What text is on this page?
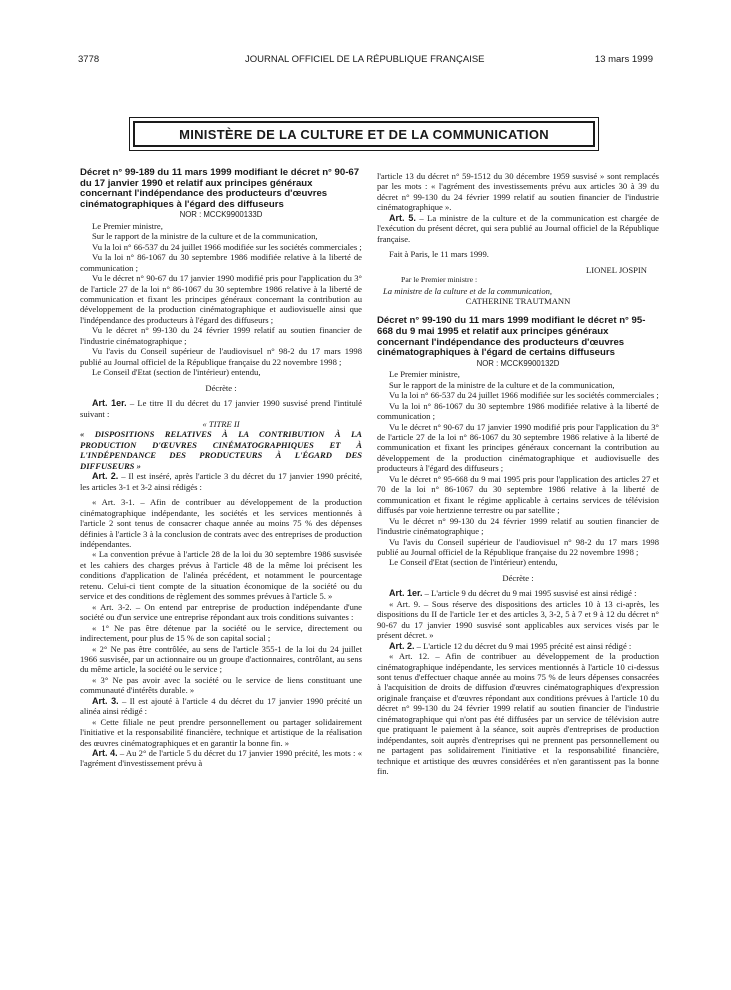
3778	JOURNAL OFFICIEL DE LA RÉPUBLIQUE FRANÇAISE	13 mars 1999
MINISTÈRE DE LA CULTURE ET DE LA COMMUNICATION

Décret n° 99-189 du 11 mars 1999 modifiant le décret n° 90-67 du 17 janvier 1990 et relatif aux principes généraux concernant l'indépendance des producteurs d'œuvres cinématographiques à l'égard des diffuseurs

NOR : MCCK9900133D

Le Premier ministre,

Sur le rapport de la ministre de la culture et de la communication,

Vu la loi n° 66-537 du 24 juillet 1966 modifiée sur les sociétés commerciales ;

Vu la loi n° 86-1067 du 30 septembre 1986 modifiée relative à la liberté de communication ;

Vu le décret n° 90-67 du 17 janvier 1990 modifié pris pour l'application du 3° de l'article 27 de la loi n° 86-1067 du 30 septembre 1986 relative à la liberté de communication et fixant les principes généraux concernant la contribution au développement de la production cinématographique et audiovisuelle ainsi que l'indépendance des producteurs à l'égard des diffuseurs ;

Vu le décret n° 99-130 du 24 février 1999 relatif au soutien financier de l'industrie cinématographique ;

Vu l'avis du Conseil supérieur de l'audiovisuel n° 98-2 du 17 mars 1998 publié au Journal officiel de la République française du 22 novembre 1998 ;

Le Conseil d'Etat (section de l'intérieur) entendu,

Décrète :

Art. 1er. – Le titre II du décret du 17 janvier 1990 susvisé prend l'intitulé suivant :

« TITRE II

« DISPOSITIONS RELATIVES À LA CONTRIBUTION À LA PRODUCTION D'ŒUVRES CINÉMATOGRAPHIQUES ET À L'INDÉPENDANCE DES PRODUCTEURS À L'ÉGARD DES DIFFUSEURS »

Art. 2. – Il est inséré, après l'article 3 du décret du 17 janvier 1990 précité, les articles 3-1 et 3-2 ainsi rédigés :

« Art. 3-1. – Afin de contribuer au développement de la production cinématographique indépendante, les sociétés et les services mentionnés à l'article 2 sont tenus de consacrer chaque année au moins 75 % des dépenses définies à l'article 3 à la conclusion de contrats avec des entreprises de production indépendantes.

« La convention prévue à l'article 28 de la loi du 30 septembre 1986 susvisée et les cahiers des charges prévus à l'article 48 de la même loi précisent les conditions d'application de l'alinéa précédent, et notamment le pourcentage retenu. Celui-ci tient compte de la situation économique de la société ou du service et des conditions de règlement des sommes prévues à l'article 5. »

« Art. 3-2. – On entend par entreprise de production indépendante d'une société ou d'un service une entreprise répondant aux trois conditions suivantes :

« 1° Ne pas être détenue par la société ou le service, directement ou indirectement, pour plus de 15 % de son capital social ;

« 2° Ne pas être contrôlée, au sens de l'article 355-1 de la loi du 24 juillet 1966 susvisée, par un actionnaire ou un groupe d'actionnaires, contrôlant, au sens du même article, la société ou le service ;

« 3° Ne pas avoir avec la société ou le service de liens constituant une communauté d'intérêts durable. »

Art. 3. – Il est ajouté à l'article 4 du décret du 17 janvier 1990 précité un alinéa ainsi rédigé :

« Cette filiale ne peut prendre personnellement ou partager solidairement l'initiative et la responsabilité financière, technique et artistique de la réalisation des œuvres cinématographiques et en garantir la bonne fin. »

Art. 4. – Au 2° de l'article 5 du décret du 17 janvier 1990 précité, les mots : « l'agrément d'investissement prévu à

l'article 13 du décret n° 59-1512 du 30 décembre 1959 susvisé » sont remplacés par les mots : « l'agrément des investissements prévu aux articles 30 à 39 du décret n° 99-130 du 24 février 1999 relatif au soutien financier de l'industrie cinématographique ».

Art. 5. – La ministre de la culture et de la communication est chargée de l'exécution du présent décret, qui sera publié au Journal officiel de la République française.

Fait à Paris, le 11 mars 1999.

LIONEL JOSPIN

Par le Premier ministre :

La ministre de la culture et de la communication,

CATHERINE TRAUTMANN

Décret n° 99-190 du 11 mars 1999 modifiant le décret n° 95-668 du 9 mai 1995 et relatif aux principes généraux concernant l'indépendance des producteurs d'œuvres cinématographiques à l'égard de certains diffuseurs

NOR : MCCK9900132D

Le Premier ministre,

Sur le rapport de la ministre de la culture et de la communication,

Vu la loi n° 66-537 du 24 juillet 1966 modifiée sur les sociétés commerciales ;

Vu la loi n° 86-1067 du 30 septembre 1986 modifiée relative à la liberté de communication ;

Vu le décret n° 90-67 du 17 janvier 1990 modifié pris pour l'application du 3° de l'article 27 de la loi n° 86-1067 du 30 septembre 1986 relative à la liberté de communication et fixant les principes généraux concernant la contribution au développement de la production cinématographique et audiovisuelle des producteurs à l'égard des diffuseurs ;

Vu le décret n° 95-668 du 9 mai 1995 pris pour l'application des articles 27 et 70 de la loi n° 86-1067 du 30 septembre 1986 relative à la liberté de communication et fixant le régime applicable à certains services de télévision diffusés par voie hertzienne terrestre ou par satellite ;

Vu le décret n° 99-130 du 24 février 1999 relatif au soutien financier de l'industrie cinématographique ;

Vu l'avis du Conseil supérieur de l'audiovisuel n° 98-2 du 17 mars 1998 publié au Journal officiel de la République française du 22 novembre 1998 ;

Le Conseil d'Etat (section de l'intérieur) entendu,

Décrète :

Art. 1er. – L'article 9 du décret du 9 mai 1995 susvisé est ainsi rédigé :

« Art. 9. – Sous réserve des dispositions des articles 10 à 13 ci-après, les dispositions du II de l'article 1er et des articles 3, 3-2, 5 à 7 et 9 à 12 du décret n° 90-67 du 17 janvier 1990 susvisé sont applicables aux services visés par le présent décret. »

Art. 2. – L'article 12 du décret du 9 mai 1995 précité est ainsi rédigé :

« Art. 12. – Afin de contribuer au développement de la production cinématographique indépendante, les services mentionnés à l'article 10 ci-dessus sont tenus d'effectuer chaque année au moins 75 % de leurs dépenses consacrées à l'acquisition de droits de diffusion d'œuvres cinématographiques d'expression originale française et d'œuvres répondant aux conditions prévues à l'article 10 du décret n° 99-130 du 24 février 1999 relatif au soutien financier de l'industrie cinématographique qui n'ont pas été diffusées par un service de télévision autre que pratiquant le paiement à la séance, soit auprès d'entreprises de production indépendantes, soit auprès d'entreprises qui ne prennent pas personnellement ou ne partagent pas solidairement l'initiative et la responsabilité financière, technique et artistique des œuvres considérées et n'en garantissent pas la bonne fin.
